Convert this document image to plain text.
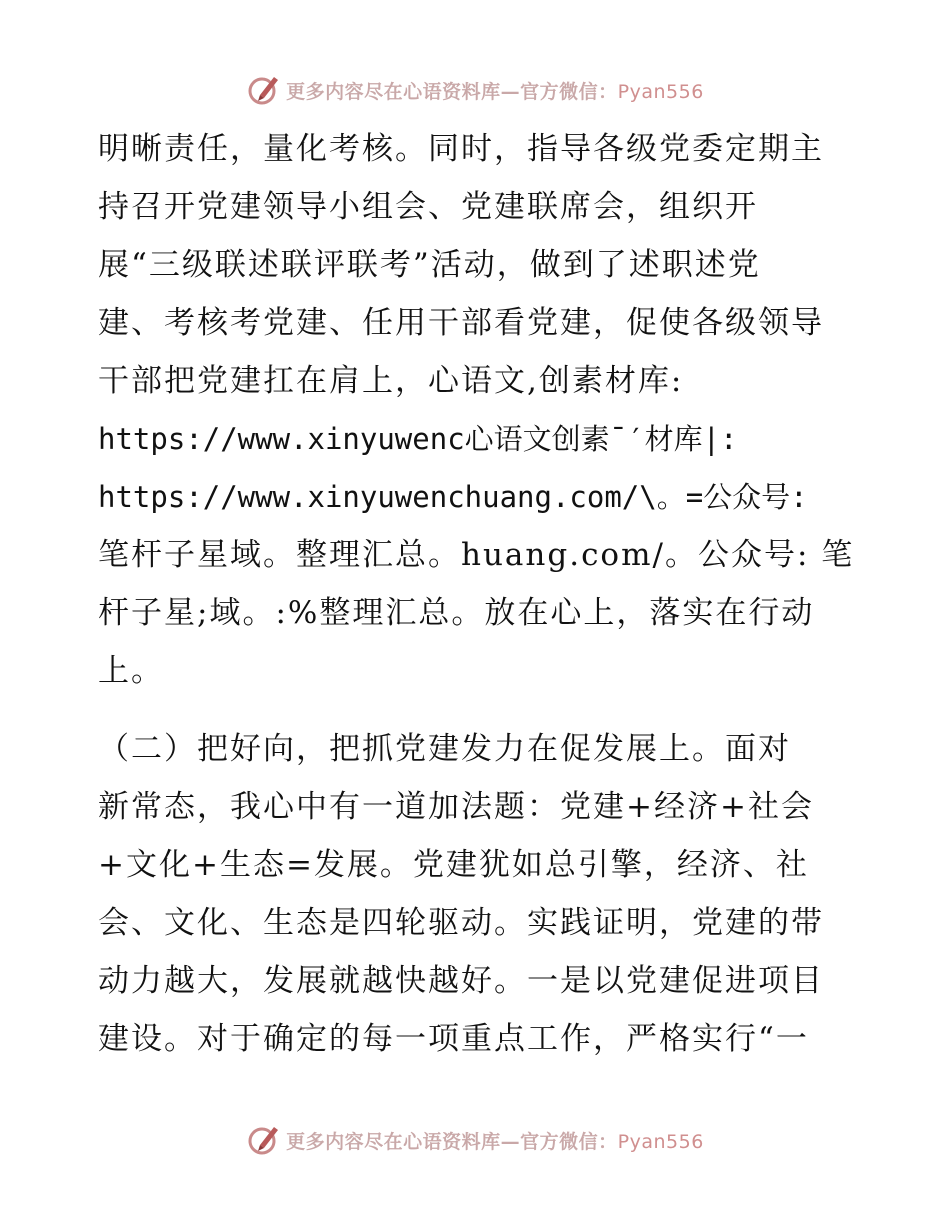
更多内容尽在心语资料库—官方微信：Pyan556
明晰责任，量化考核。同时，指导各级党委定期主
持召开党建领导小组会、党建联席会，组织开
展“三级联述联评联考”活动，做到了述职述党
建、考核考党建、任用干部看党建，促使各级领导
干部把党建扛在肩上，心语文,创素材库:
https://www.xinyuwenc心语文创素¯′材库|:
https://www.xinyuwenchuang.com/\。=公众号:
笔杆子星域。整理汇总。huang.com/。公众号: 笔
杆子星;域。:%整理汇总。放在心上，落实在行动
上。
（二）把好向，把抓党建发力在促发展上。面对
新常态，我心中有一道加法题：党建+经济+社会
+文化+生态=发展。党建犹如总引擎，经济、社
会、文化、生态是四轮驱动。实践证明，党建的带
动力越大，发展就越快越好。一是以党建促进项目
建设。对于确定的每一项重点工作，严格实行“一
更多内容尽在心语资料库—官方微信：Pyan556
